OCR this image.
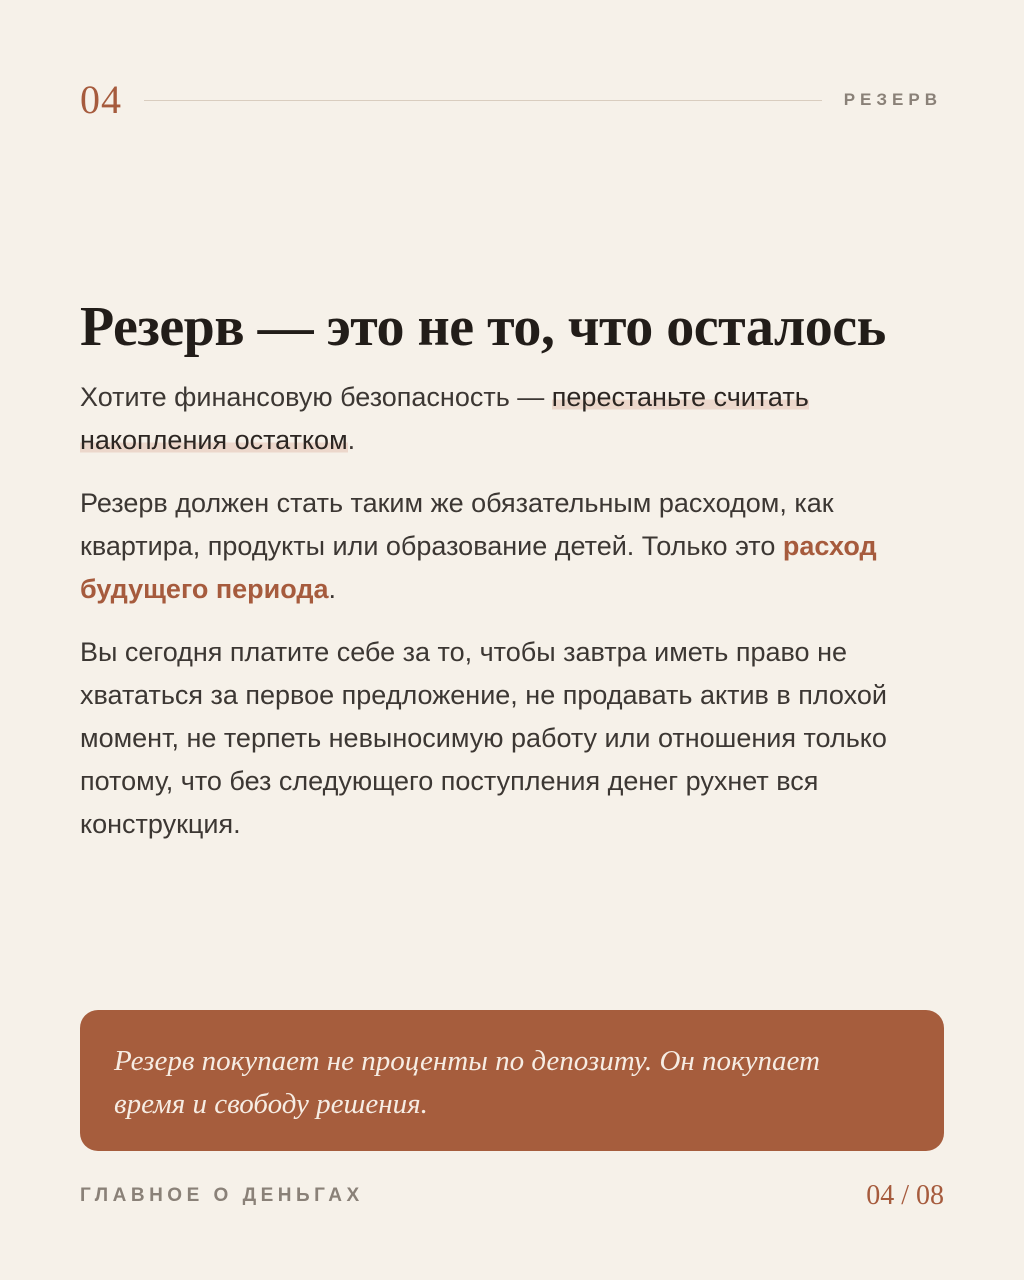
04	РЕЗЕРВ
Резерв — это не то, что осталось

Хотите финансовую безопасность — перестаньте считать накопления остатком.

Резерв должен стать таким же обязательным расходом, как квартира, продукты или образование детей. Только это расход будущего периода.

Вы сегодня платите себе за то, чтобы завтра иметь право не хвататься за первое предложение, не продавать актив в плохой момент, не терпеть невыносимую работу или отношения только потому, что без следующего поступления денег рухнет вся конструкция.

Резерв покупает не проценты по депозиту. Он покупает время и свободу решения.
ГЛАВНОЕ О ДЕНЬГАХ	04 / 08
